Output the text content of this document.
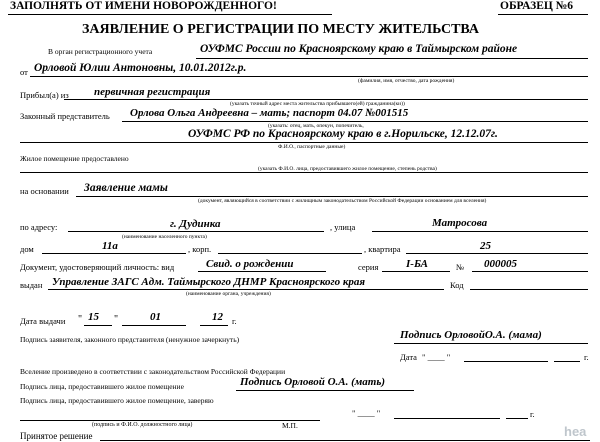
ЗАПОЛНЯТЬ ОТ ИМЕНИ НОВОРОЖДЕННОГО!	ОБРАЗЕЦ №6
ЗАЯВЛЕНИЕ О РЕГИСТРАЦИИ ПО МЕСТУ ЖИТЕЛЬСТВА
В орган регистрационного учета	ОУФМС России по Красноярскому краю в Таймырском районе
от Орловой Юлии Антоновны, 10.01.2012г.р.
(фамилия, имя, отчество, дата рождения)
Прибыл(а) из первичная регистрация
(указать точный адрес места жительства прибывшего(ей) гражданина(ки))
Законный представитель Орлова Ольга Андреевна – мать; паспорт 04.07 №001515
(указать: отец, мать, опекун, попечитель,
ОУФМС РФ по Красноярскому краю в г.Норильске, 12.12.07г.
Ф.И.О., паспортные данные)
Жилое помещение предоставлено
(указать Ф.И.О. лица, предоставившего жилое помещение, степень родства)
на основании Заявление мамы
(документ, являющийся в соответствии с жилищным законодательством Российской Федерации основанием для вселения)
по адресу:	г. Дудинка
(наименование населенного пункта)
, улица	Матросова
дом	11а	, корп.	, квартира	25
Документ, удостоверяющий личность: вид	Свид. о рождении	серия	I-БА	№ 000005
выдан Управление ЗАГС Адм. Таймырского ДНМР Красноярского края
(наименование органа, учреждения)
Код
Дата выдачи " 15 "	01	12 г.
Подпись заявителя, законного представителя (ненужное зачеркнуть)	Подпись ОрловойО.А. (мама)
Дата " ____ "	г.
Вселение произведено в соответствии с законодательством Российской Федерации
Подпись лица, предоставившего жилое помещение	Подпись Орловой О.А. (мать)
Подпись лица, предоставившего жилое помещение, заверяю
(подпись и Ф.И.О. должностного лица)	М.П.
" ____ "	г.
Принятое решение	hea
